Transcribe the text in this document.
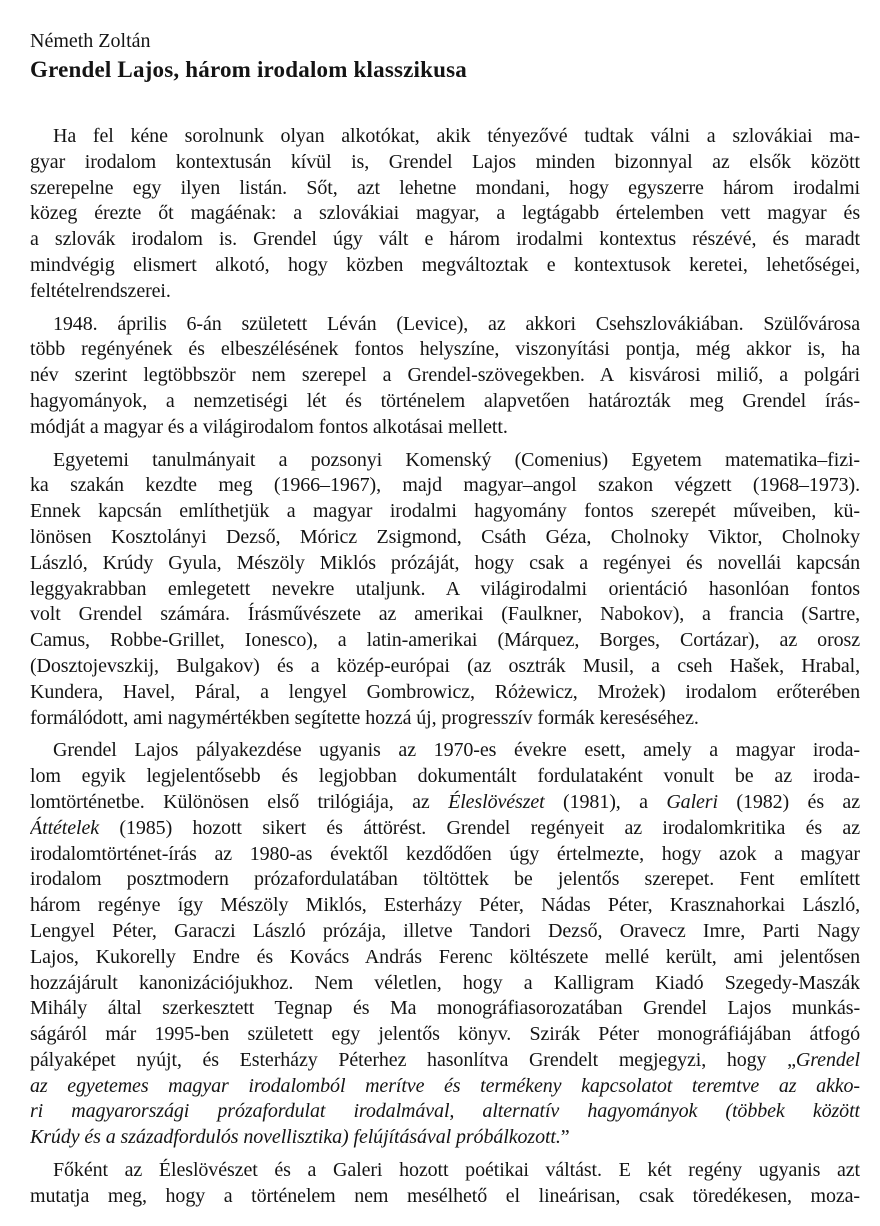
Németh Zoltán
Grendel Lajos, három irodalom klasszikusa
Ha fel kéne sorolnunk olyan alkotókat, akik tényezővé tudtak válni a szlovákiai ma-
gyar irodalom kontextusán kívül is, Grendel Lajos minden bizonnyal az elsők között
szerepelne egy ilyen listán. Sőt, azt lehetne mondani, hogy egyszerre három irodalmi
közeg érezte őt magáénak: a szlovákiai magyar, a legtágabb értelemben vett magyar és
a szlovák irodalom is. Grendel úgy vált e három irodalmi kontextus részévé, és maradt
mindvégig elismert alkotó, hogy közben megváltoztak e kontextusok keretei, lehetőségei,
feltételrendszerei.
1948. április 6-án született Léván (Levice), az akkori Csehszlovákiában. Szülővárosa
több regényének és elbeszélésének fontos helyszíne, viszonyítási pontja, még akkor is, ha
név szerint legtöbbször nem szerepel a Grendel-szövegekben. A kisvárosi miliő, a polgári
hagyományok, a nemzetiségi lét és történelem alapvetően határozták meg Grendel írás-
módját a magyar és a világirodalom fontos alkotásai mellett.
Egyetemi tanulmányait a pozsonyi Komenský (Comenius) Egyetem matematika–fizi-
ka szakán kezdte meg (1966–1967), majd magyar–angol szakon végzett (1968–1973).
Ennek kapcsán említhetjük a magyar irodalmi hagyomány fontos szerepét műveiben, kü-
lönösen Kosztolányi Dezső, Móricz Zsigmond, Csáth Géza, Cholnoky Viktor, Cholnoky
László, Krúdy Gyula, Mészöly Miklós prózáját, hogy csak a regényei és novellái kapcsán
leggyakrabban emlegetett nevekre utaljunk. A világirodalmi orientáció hasonlóan fontos
volt Grendel számára. Írásművészete az amerikai (Faulkner, Nabokov), a francia (Sartre,
Camus, Robbe-Grillet, Ionesco), a latin-amerikai (Márquez, Borges, Cortázar), az orosz
(Dosztojevszkij, Bulgakov) és a közép-európai (az osztrák Musil, a cseh Hašek, Hrabal,
Kundera, Havel, Páral, a lengyel Gombrowicz, Różewicz, Mrożek) irodalom erőterében
formálódott, ami nagymértékben segítette hozzá új, progresszív formák kereséséhez.
Grendel Lajos pályakezdése ugyanis az 1970-es évekre esett, amely a magyar iroda-
lom egyik legjelentősebb és legjobban dokumentált fordulataként vonult be az iroda-
lomtörténetbe. Különösen első trilógiája, az Éleslövészet (1981), a Galeri (1982) és az
Áttételek (1985) hozott sikert és áttörést. Grendel regényeit az irodalomkritika és az
irodalomtörténet-írás az 1980-as évektől kezdődően úgy értelmezte, hogy azok a magyar
irodalom posztmodern prózafordulatában töltöttek be jelentős szerepet. Fent említett
három regénye így Mészöly Miklós, Esterházy Péter, Nádas Péter, Krasznahorkai László,
Lengyel Péter, Garaczi László prózája, illetve Tandori Dezső, Oravecz Imre, Parti Nagy
Lajos, Kukorelly Endre és Kovács András Ferenc költészete mellé került, ami jelentősen
hozzájárult kanonizációjukhoz. Nem véletlen, hogy a Kalligram Kiadó Szegedy-Maszák
Mihály által szerkesztett Tegnap és Ma monográfiasorozatában Grendel Lajos munkás-
ságáról már 1995-ben született egy jelentős könyv. Szirák Péter monográfiájában átfogó
pályaképet nyújt, és Esterházy Péterhez hasonlítva Grendelt megjegyzi, hogy „Grendel
az egyetemes magyar irodalomból merítve és termékeny kapcsolatot teremtve az akko-
ri magyarországi prózafordulat irodalmával, alternatív hagyományok (többek között
Krúdy és a századfordulós novellisztika) felújításával próbálkozott.”
Főként az Éleslövészet és a Galeri hozott poétikai váltást. E két regény ugyanis azt
mutatja meg, hogy a történelem nem mesélhető el lineárisan, csak töredékesen, moza-
